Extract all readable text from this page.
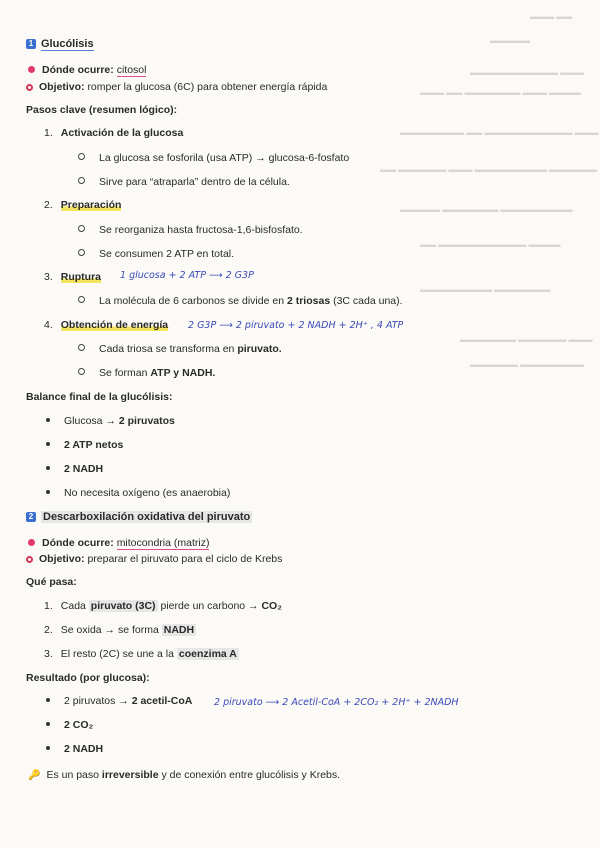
▬▬▬ ▬▬
▬▬▬▬▬
▬▬▬▬▬▬▬▬▬▬▬ ▬▬▬
▬▬▬ ▬▬ ▬▬▬▬▬▬▬ ▬▬▬ ▬▬▬▬
▬▬▬▬▬▬▬▬ ▬▬ ▬▬▬▬▬▬▬▬▬▬▬ ▬▬▬
▬▬ ▬▬▬▬▬▬ ▬▬▬ ▬▬▬▬▬▬▬▬▬ ▬▬▬▬▬▬
▬▬▬▬▬ ▬▬▬▬▬▬▬ ▬▬▬▬▬▬▬▬▬
▬▬ ▬▬▬▬▬▬▬▬▬▬▬ ▬▬▬▬
▬▬▬▬▬▬▬▬▬ ▬▬▬▬▬▬▬
▬▬▬▬▬▬▬ ▬▬▬▬▬▬ ▬▬▬
▬▬▬▬▬▬ ▬▬▬▬▬▬▬▬
1 Glucólisis
Dónde ocurre: citosol
Objetivo: romper la glucosa (6C) para obtener energía rápida
Pasos clave (resumen lógico):
1. Activación de la glucosa
La glucosa se fosforila (usa ATP) → glucosa-6-fosfato
Sirve para “atraparla” dentro de la célula.
2. Preparación
Se reorganiza hasta fructosa-1,6-bisfosfato.
Se consumen 2 ATP en total.
3. Ruptura 1 glucosa + 2 ATP ⟶ 2 G3P
La molécula de 6 carbonos se divide en 2 triosas (3C cada una).
4. Obtención de energía 2 G3P ⟶ 2 piruvato + 2 NADH + 2H⁺ , 4 ATP
Cada triosa se transforma en piruvato.
Se forman ATP y NADH.
Balance final de la glucólisis:
Glucosa → 2 piruvatos
2 ATP netos
2 NADH
No necesita oxígeno (es anaerobia)
2 Descarboxilación oxidativa del piruvato
Dónde ocurre: mitocondria (matriz)
Objetivo: preparar el piruvato para el ciclo de Krebs
Qué pasa:
1. Cada piruvato (3C) pierde un carbono → CO₂
2. Se oxida → se forma NADH
3. El resto (2C) se une a la coenzima A
Resultado (por glucosa):
2 piruvatos → 2 acetil-CoA 2 piruvato ⟶ 2 Acetil-CoA + 2CO₂ + 2H⁺ + 2NADH
2 CO₂
2 NADH
🔑 Es un paso irreversible y de conexión entre glucólisis y Krebs.
